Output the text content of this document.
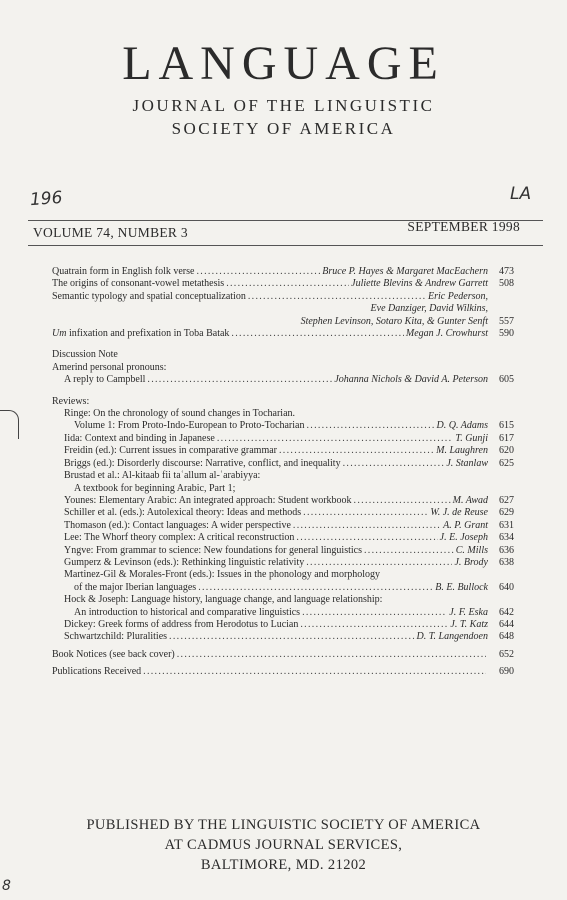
LANGUAGE
JOURNAL OF THE LINGUISTIC
SOCIETY OF AMERICA
196	LA
VOLUME 74, NUMBER 3	SEPTEMBER 1998
Quatrain form in English folk verse .....	Bruce P. Hayes & Margaret MacEachern	473
The origins of consonant-vowel metathesis .....	Juliette Blevins & Andrew Garrett	508
Semantic typology and spatial conceptualization .....	Eric Pederson,
Eve Danziger, David Wilkins,
Stephen Levinson, Sotaro Kita, & Gunter Senft	557
Um infixation and prefixation in Toba Batak .....	Megan J. Crowhurst	590
Discussion Note
Amerind personal pronouns:
A reply to Campbell .....	Johanna Nichols & David A. Peterson	605
Reviews:
Ringe: On the chronology of sound changes in Tocharian.
Volume 1: From Proto-Indo-European to Proto-Tocharian .....	D. Q. Adams	615
Iida: Context and binding in Japanese .....	T. Gunji	617
Freidin (ed.): Current issues in comparative grammar .....	M. Laughren	620
Briggs (ed.): Disorderly discourse: Narrative, conflict, and inequality .....	J. Stanlaw	625
Brustad et al.: Al-kitaab fii taʿallum al-ʿarabiyya:
A textbook for beginning Arabic, Part 1;
Younes: Elementary Arabic: An integrated approach: Student workbook .....	M. Awad	627
Schiller et al. (eds.): Autolexical theory: Ideas and methods .....	W. J. de Reuse	629
Thomason (ed.): Contact languages: A wider perspective .....	A. P. Grant	631
Lee: The Whorf theory complex: A critical reconstruction .....	J. E. Joseph	634
Yngve: From grammar to science: New foundations for general linguistics .....	C. Mills	636
Gumperz & Levinson (eds.): Rethinking linguistic relativity .....	J. Brody	638
Martinez-Gil & Morales-Front (eds.): Issues in the phonology and morphology
of the major Iberian languages .....	B. E. Bullock	640
Hock & Joseph: Language history, language change, and language relationship:
An introduction to historical and comparative linguistics .....	J. F. Eska	642
Dickey: Greek forms of address from Herodotus to Lucian .....	J. T. Katz	644
Schwartzchild: Pluralities .....	D. T. Langendoen	648
Book Notices (see back cover) .....	652
Publications Received .....	690
PUBLISHED BY THE LINGUISTIC SOCIETY OF AMERICA
AT CADMUS JOURNAL SERVICES,
BALTIMORE, MD. 21202
8
